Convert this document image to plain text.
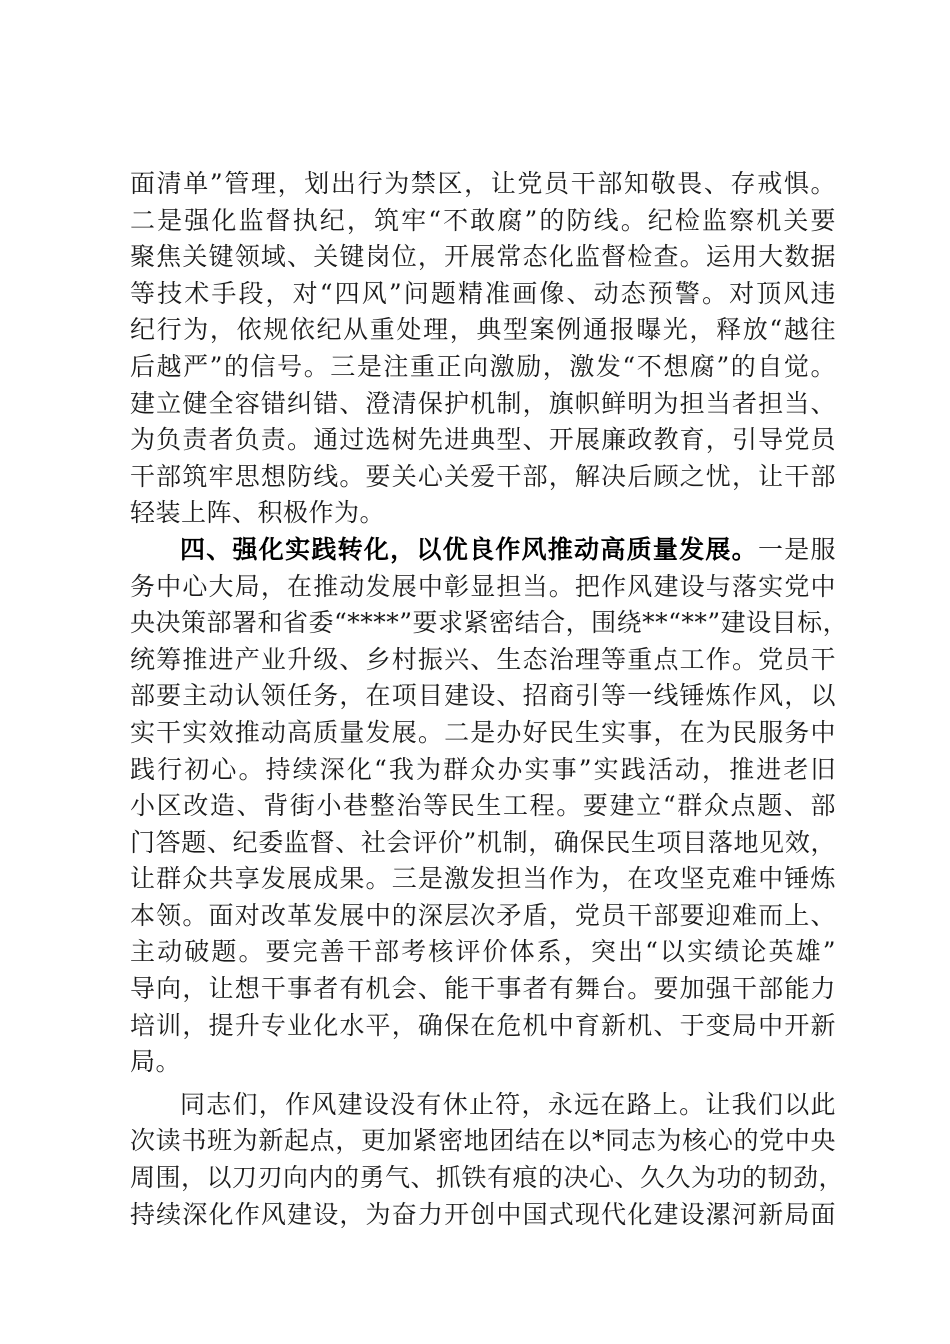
面清单”管理，划出行为禁区，让党员干部知敬畏、存戒惧。
二是强化监督执纪，筑牢“不敢腐”的防线。纪检监察机关要
聚焦关键领域、关键岗位，开展常态化监督检查。运用大数据
等技术手段，对“四风”问题精准画像、动态预警。对顶风违
纪行为，依规依纪从重处理，典型案例通报曝光，释放“越往
后越严”的信号。三是注重正向激励，激发“不想腐”的自觉。
建立健全容错纠错、澄清保护机制，旗帜鲜明为担当者担当、
为负责者负责。通过选树先进典型、开展廉政教育，引导党员
干部筑牢思想防线。要关心关爱干部，解决后顾之忧，让干部
轻装上阵、积极作为。
四、强化实践转化，以优良作风推动高质量发展。一是服
务中心大局，在推动发展中彰显担当。把作风建设与落实党中
央决策部署和省委“****”要求紧密结合，围绕**“**”建设目标，
统筹推进产业升级、乡村振兴、生态治理等重点工作。党员干
部要主动认领任务，在项目建设、招商引等一线锤炼作风，以
实干实效推动高质量发展。二是办好民生实事，在为民服务中
践行初心。持续深化“我为群众办实事”实践活动，推进老旧
小区改造、背街小巷整治等民生工程。要建立“群众点题、部
门答题、纪委监督、社会评价”机制，确保民生项目落地见效，
让群众共享发展成果。三是激发担当作为，在攻坚克难中锤炼
本领。面对改革发展中的深层次矛盾，党员干部要迎难而上、
主动破题。要完善干部考核评价体系，突出“以实绩论英雄”
导向，让想干事者有机会、能干事者有舞台。要加强干部能力
培训，提升专业化水平，确保在危机中育新机、于变局中开新
局。
同志们，作风建设没有休止符，永远在路上。让我们以此
次读书班为新起点，更加紧密地团结在以*同志为核心的党中央
周围，以刀刃向内的勇气、抓铁有痕的决心、久久为功的韧劲，
持续深化作风建设，为奋力开创中国式现代化建设漯河新局面
